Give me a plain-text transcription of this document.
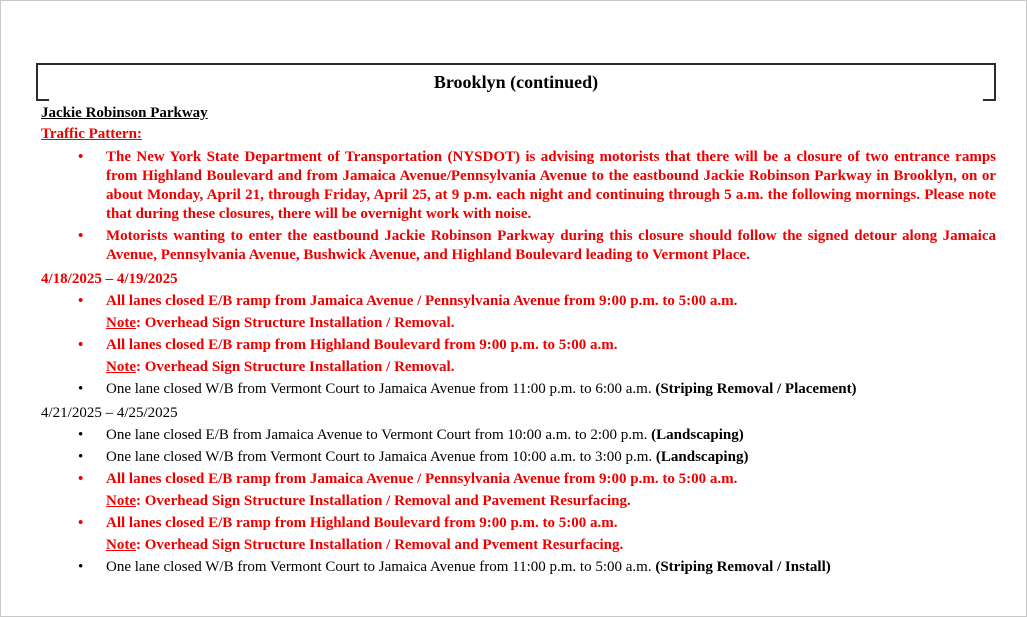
Brooklyn (continued)
Jackie Robinson Parkway
Traffic Pattern:
• The New York State Department of Transportation (NYSDOT) is advising motorists that there will be a closure of two entrance ramps from Highland Boulevard and from Jamaica Avenue/Pennsylvania Avenue to the eastbound Jackie Robinson Parkway in Brooklyn, on or about Monday, April 21, through Friday, April 25, at 9 p.m. each night and continuing through 5 a.m. the following mornings. Please note that during these closures, there will be overnight work with noise.
• Motorists wanting to enter the eastbound Jackie Robinson Parkway during this closure should follow the signed detour along Jamaica Avenue, Pennsylvania Avenue, Bushwick Avenue, and Highland Boulevard leading to Vermont Place.
4/18/2025 – 4/19/2025
• All lanes closed E/B ramp from Jamaica Avenue / Pennsylvania Avenue from 9:00 p.m. to 5:00 a.m.
Note: Overhead Sign Structure Installation / Removal.
• All lanes closed E/B ramp from Highland Boulevard from 9:00 p.m. to 5:00 a.m.
Note: Overhead Sign Structure Installation / Removal.
• One lane closed W/B from Vermont Court to Jamaica Avenue from 11:00 p.m. to 6:00 a.m. (Striping Removal / Placement)
4/21/2025 – 4/25/2025
• One lane closed E/B from Jamaica Avenue to Vermont Court from 10:00 a.m. to 2:00 p.m. (Landscaping)
• One lane closed W/B from Vermont Court to Jamaica Avenue from 10:00 a.m. to 3:00 p.m. (Landscaping)
• All lanes closed E/B ramp from Jamaica Avenue / Pennsylvania Avenue from 9:00 p.m. to 5:00 a.m.
Note: Overhead Sign Structure Installation / Removal and Pavement Resurfacing.
• All lanes closed E/B ramp from Highland Boulevard from 9:00 p.m. to 5:00 a.m.
Note: Overhead Sign Structure Installation / Removal and Pvement Resurfacing.
• One lane closed W/B from Vermont Court to Jamaica Avenue from 11:00 p.m. to 5:00 a.m. (Striping Removal / Install)
